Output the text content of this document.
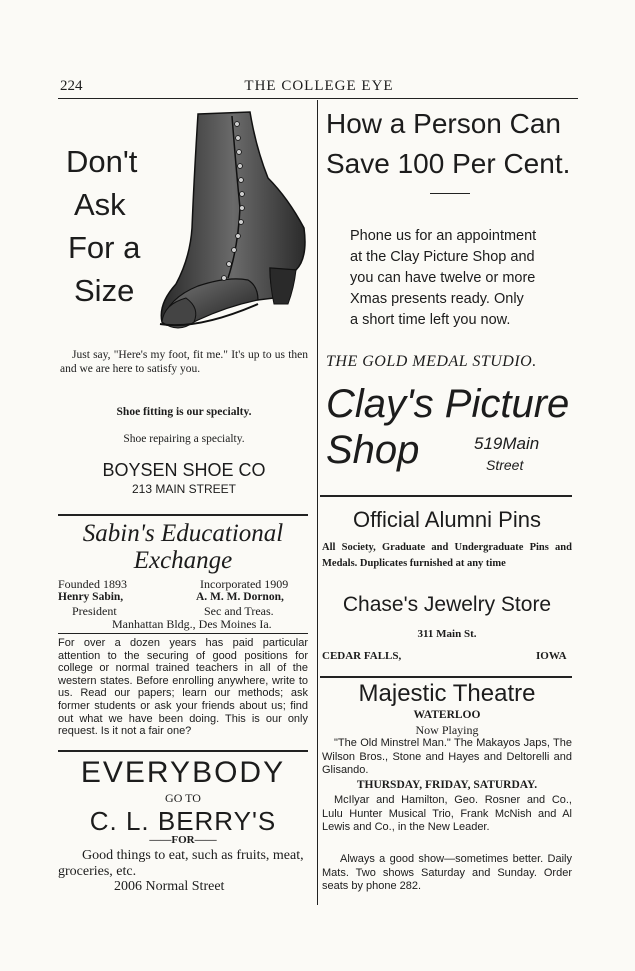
224	THE COLLEGE EYE
Don't
Ask
For a
Size

Just say, "Here's my foot, fit me." It's up to us then and we are here to satisfy you.

Shoe fitting is our specialty.
Shoe repairing a specialty.
BOYSEN SHOE CO
213 MAIN STREET
Sabin's Educational
Exchange
Founded 1893	Incorporated 1909
Henry Sabin,	A. M. M. Dornon,
President	Sec and Treas.
Manhattan Bldg., Des Moines Ia.

For over a dozen years has paid particular attention to the securing of good positions for college or normal trained teachers in all of the western states. Before enrolling anywhere, write to us. Read our papers; learn our methods; ask former students or ask your friends about us; find out what we have been doing. This is our only request. Is it not a fair one?

EVERYBODY
GO TO
C. L. BERRY'S
——FOR——

Good things to eat, such as fruits, meat, groceries, etc.

2006 Normal Street
How a Person Can
Save 100 Per Cent.
Phone us for an appointment
at the Clay Picture Shop and
you can have twelve or more
Xmas presents ready. Only
a short time left you now.
THE GOLD MEDAL STUDIO.
Clay's Picture
Shop	519Main
Street
Official Alumni Pins

All Society, Graduate and Undergraduate Pins and Medals. Duplicates furnished at any time

Chase's Jewelry Store
311 Main St.
CEDAR FALLS,	IOWA
Majestic Theatre
WATERLOO
Now Playing

"The Old Minstrel Man." The Makayos Japs, The Wilson Bros., Stone and Hayes and Deltorelli and Glisando.

THURSDAY, FRIDAY, SATURDAY.

McIlyar and Hamilton, Geo. Rosner and Co., Lulu Hunter Musical Trio, Frank McNish and Al Lewis and Co., in the New Leader.

Always a good show—sometimes better. Daily Mats. Two shows Saturday and Sunday. Order seats by phone 282.
